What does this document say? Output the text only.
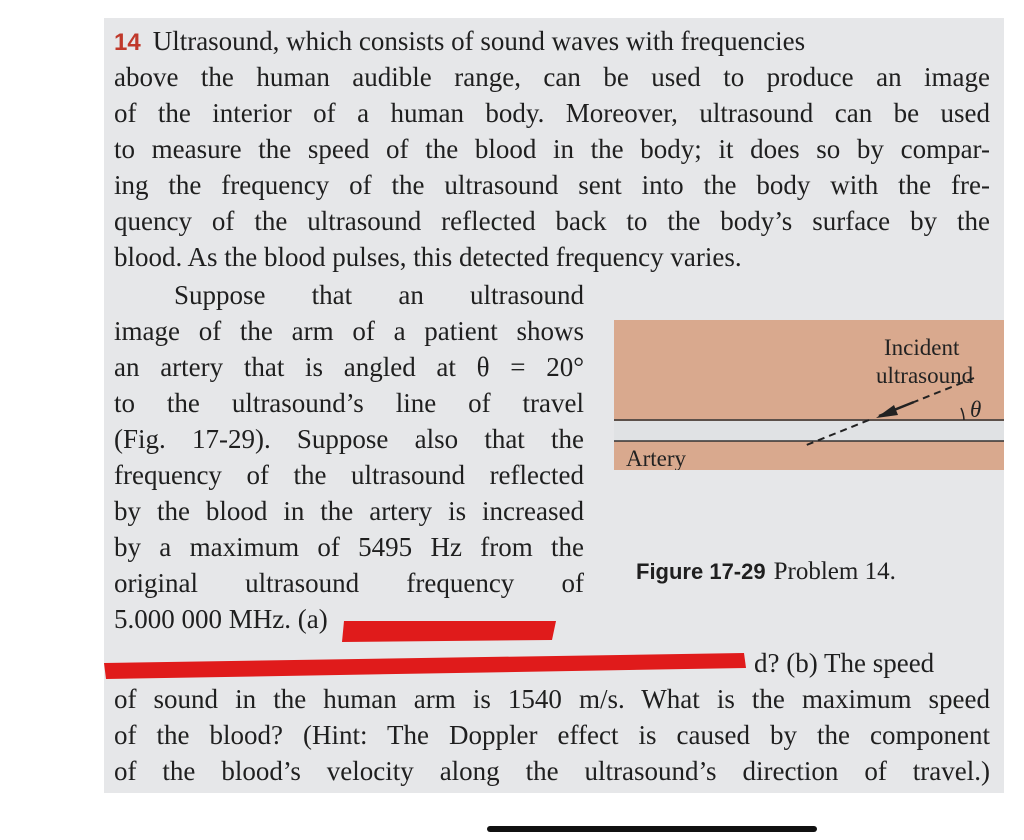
14 Ultrasound, which consists of sound waves with frequencies
above the human audible range, can be used to produce an image
of the interior of a human body. Moreover, ultrasound can be used
to measure the speed of the blood in the body; it does so by compar-
ing the frequency of the ultrasound sent into the body with the fre-
quency of the ultrasound reflected back to the body’s surface by the
blood. As the blood pulses, this detected frequency varies.
Suppose that an ultrasound
image of the arm of a patient shows
an artery that is angled at θ = 20°
to the ultrasound’s line of travel
(Fig. 17-29). Suppose also that the
frequency of the ultrasound reflected
by the blood in the artery is increased
by a maximum of 5495 Hz from the
original ultrasound frequency of
5.000 000 MHz. (a)
d? (b) The speed
of sound in the human arm is 1540 m/s. What is the maximum speed
of the blood? (Hint: The Doppler effect is caused by the component
of the blood’s velocity along the ultrasound’s direction of travel.)
Incident
ultrasound
θ
Artery
Figure 17-29 Problem 14.
